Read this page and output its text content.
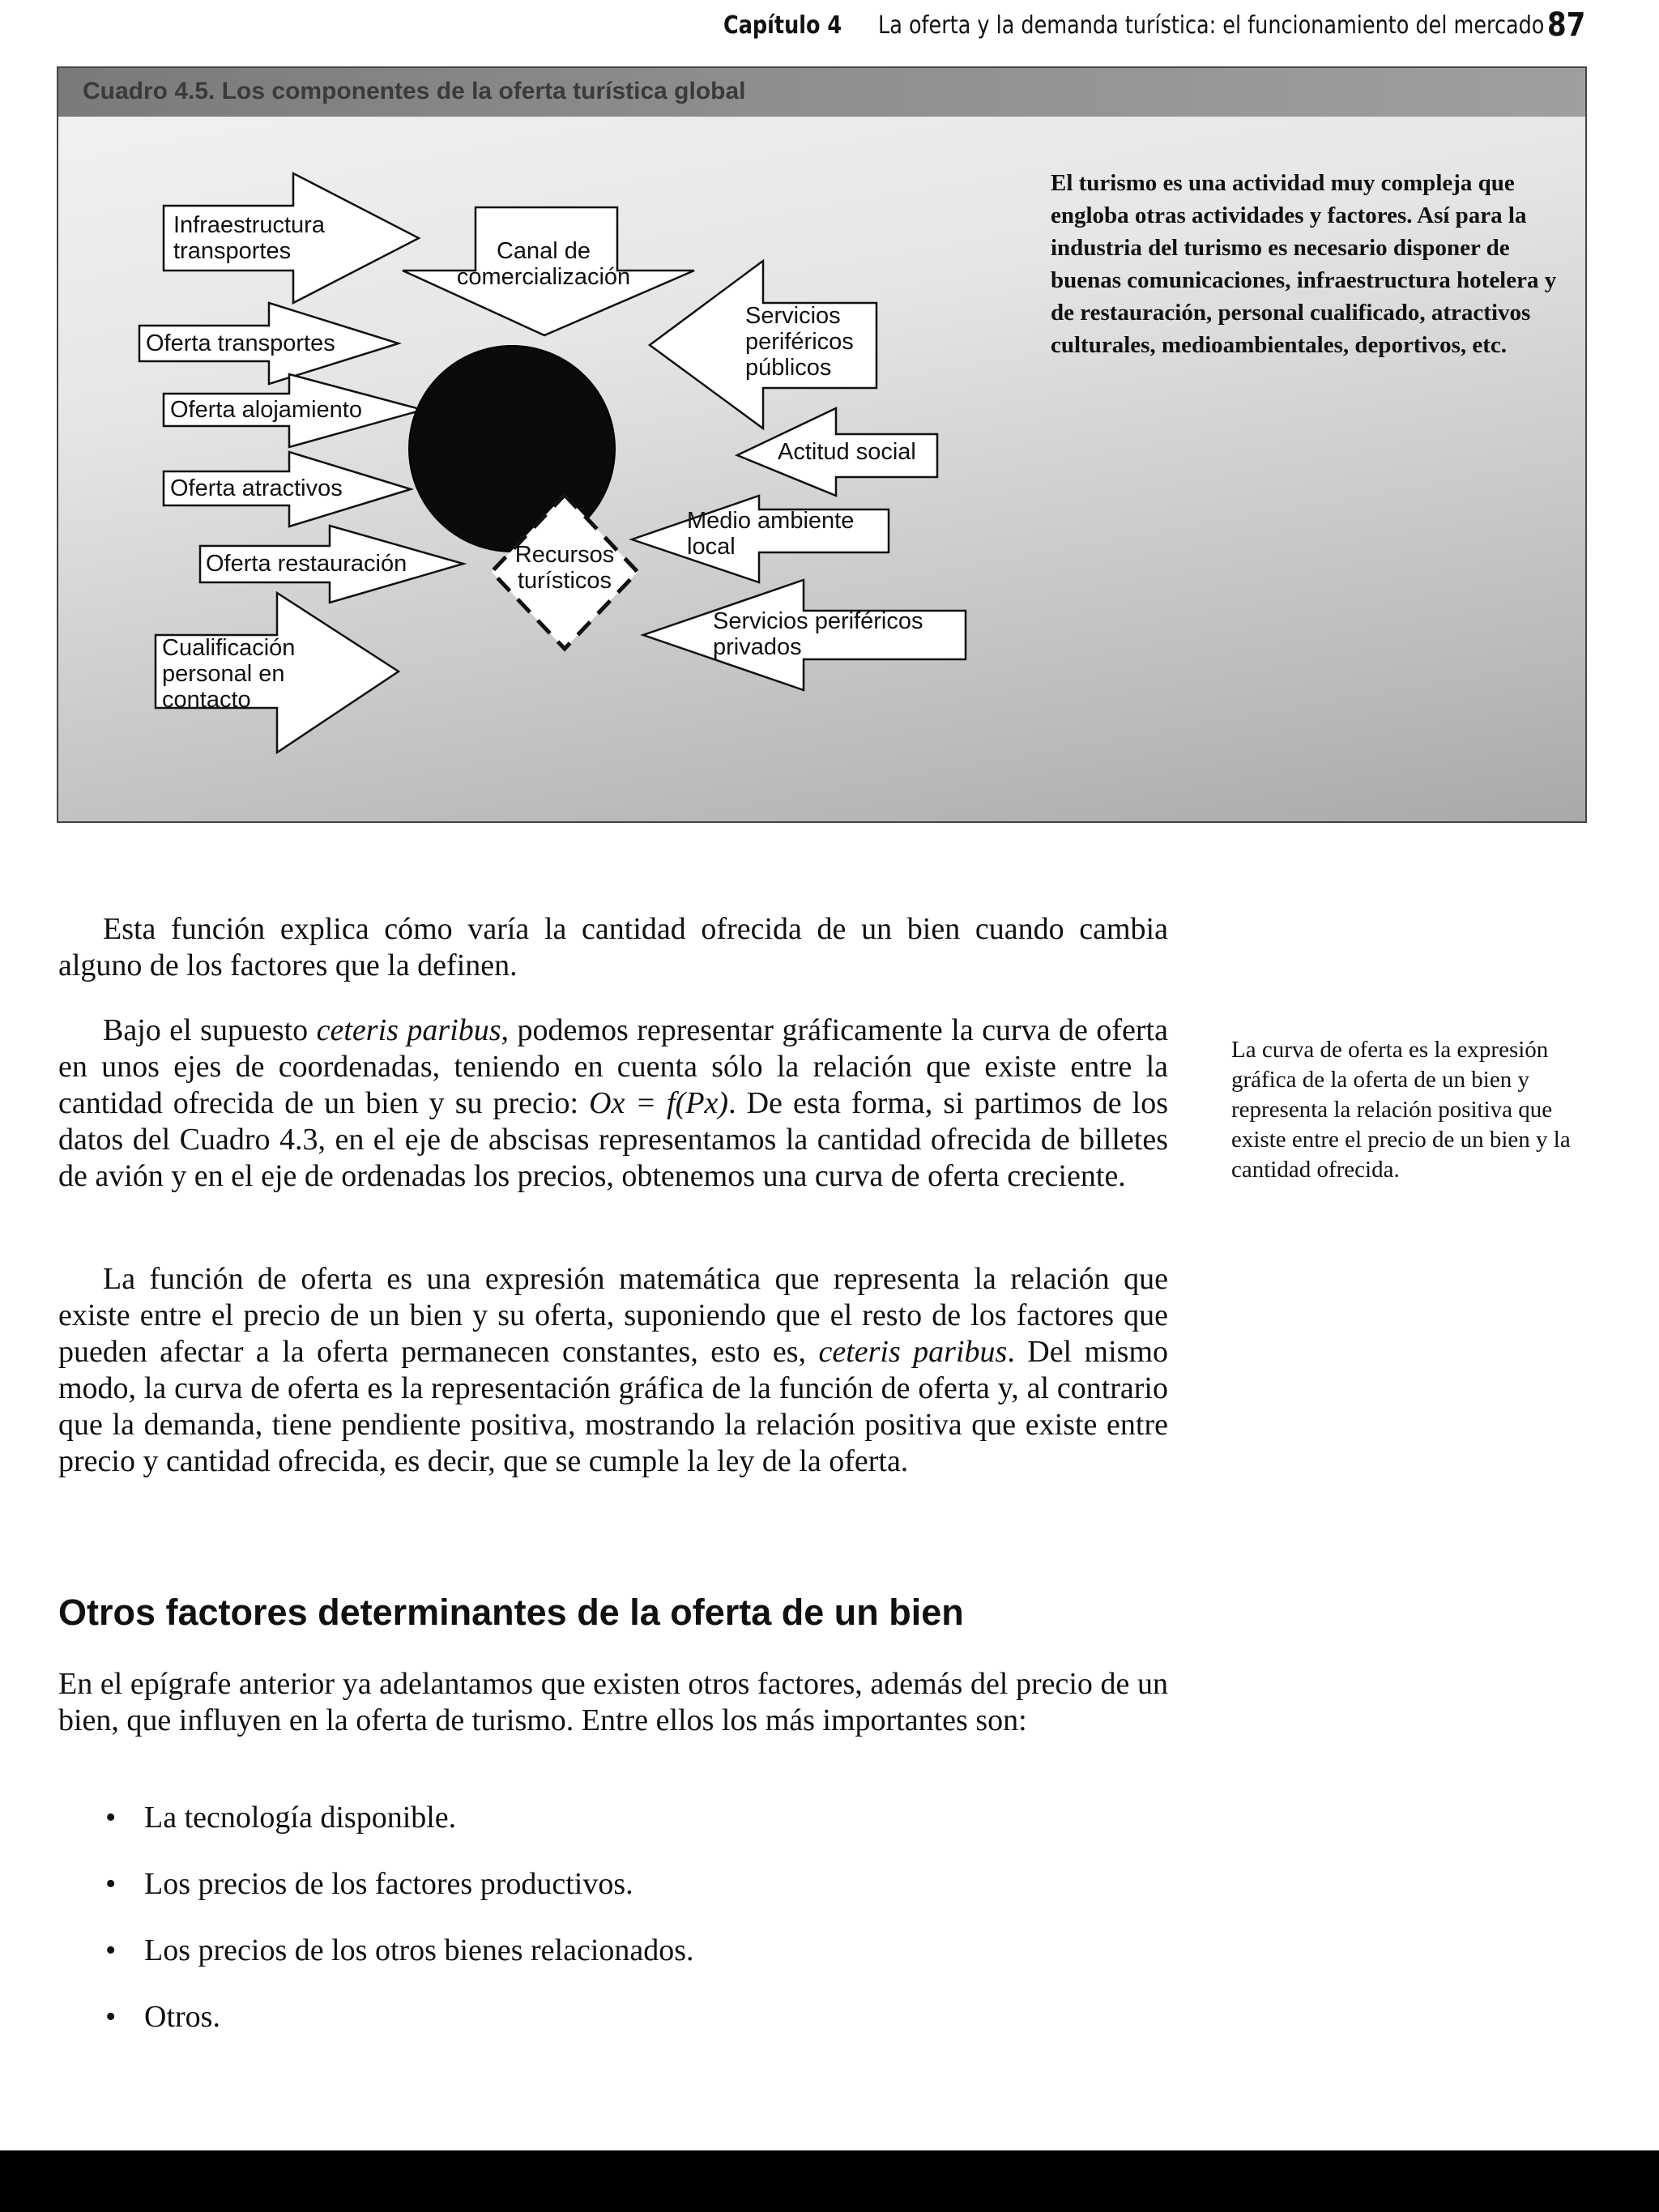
Capítulo 4 La oferta y la demanda turística: el funcionamiento del mercado 87
Cuadro 4.5. Los componentes de la oferta turística global
Infraestructura
transportes
Oferta transportes
Oferta alojamiento
Oferta atractivos
Oferta restauración
Cualificación
personal en
contacto
Canal de
comercialización
Servicios
periféricos
públicos
Actitud social
Medio ambiente
local
Servicios periféricos
privados
Recursos
turísticos
El turismo es una actividad muy compleja que engloba otras actividades y factores. Así para la industria del turismo es necesario disponer de buenas comunicaciones, infraestructura hotelera y de restauración, personal cualificado, atractivos culturales, medioambientales, deportivos, etc.
Esta función explica cómo varía la cantidad ofrecida de un bien cuando cambia alguno de los factores que la definen.
Bajo el supuesto ceteris paribus, podemos representar gráficamente la curva de oferta en unos ejes de coordenadas, teniendo en cuenta sólo la relación que existe entre la cantidad ofrecida de un bien y su precio: Ox = f(Px). De esta forma, si partimos de los datos del Cuadro 4.3, en el eje de abscisas representamos la cantidad ofrecida de billetes de avión y en el eje de ordenadas los precios, obtenemos una curva de oferta creciente.
La curva de oferta es la expresión gráfica de la oferta de un bien y representa la relación positiva que existe entre el precio de un bien y la cantidad ofrecida.
La función de oferta es una expresión matemática que representa la relación que existe entre el precio de un bien y su oferta, suponiendo que el resto de los factores que pueden afectar a la oferta permanecen constantes, esto es, ceteris paribus. Del mismo modo, la curva de oferta es la representación gráfica de la función de oferta y, al contrario que la demanda, tiene pendiente positiva, mostrando la relación positiva que existe entre precio y cantidad ofrecida, es decir, que se cumple la ley de la oferta.
Otros factores determinantes de la oferta de un bien
En el epígrafe anterior ya adelantamos que existen otros factores, además del precio de un bien, que influyen en la oferta de turismo. Entre ellos los más importantes son:
• La tecnología disponible.
• Los precios de los factores productivos.
• Los precios de los otros bienes relacionados.
• Otros.
